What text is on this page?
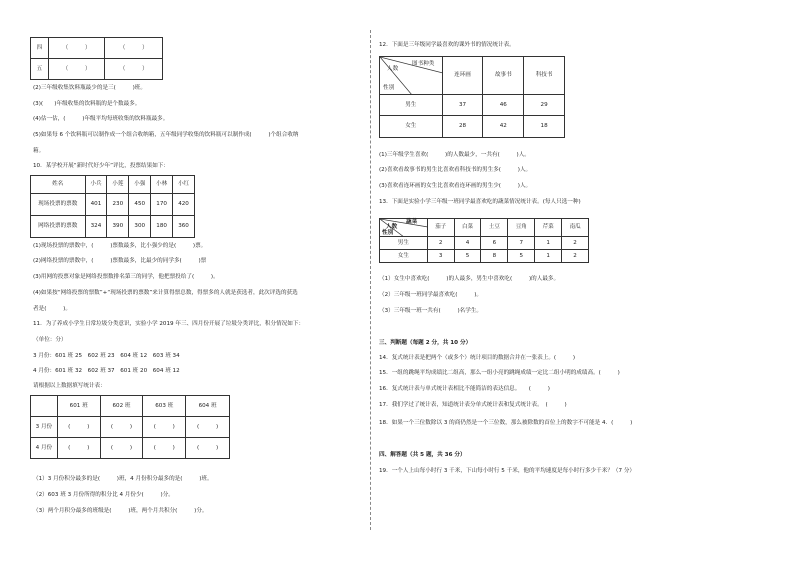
四	（　　　）	（　　　）
五	（　　　）	（　　　）
(2)三年级收集饮料瓶最少的是三(　　　)班。
(3)(　　)年级收集的饮料瓶的是个数最多。
(4)估一估，(　　　)年级平均每班收集的饮料瓶最多。
(5)如果每 6 个饮料瓶可以制作成一个组合收纳箱，五年级同学收集的饮料瓶可以制作成(　　　)个组合收纳
箱。
10．某学校开展“新时代好少年”评比，投票结果如下：
姓名	小兵	小莲	小强	小林	小红
现场投票的票数	401	230	450	170	420
网络投票的票数	324	390	300	180	360
(1)现场投票的票数中，(　　　)票数最多，比小强少的是(　　　)票。
(2)网络投票的票数中，(　　　)票数最多，比最少的同学多(　　　)票
(3)用网的投票对象是网络投票数排名第三的同学，他把票投给了(　　　)。
(4)如果按“网络投票的票数”+“现场投票的票数”来计算得票总数，得票多的人就是获选者，此次评选的获选
者是(　　　)。
11．为了养成小学生日常垃圾分类意识，实验小学 2019 年三、四月份开展了垃圾分类评比，积分情况如下：
（单位：分）
3 月份：601 班 25　602 班 23　604 班 12　603 班 34
4 月份：601 班 32　602 班 37　601 班 20　604 班 12
请根据以上数据填写统计表：
	601 班	602 班	603 班	604 班
3 月份	(　　　)	(　　　)	(　　　)	(　　　)
4 月份	(　　　)	(　　　)	(　　　)	(　　　)
（1）3 月份积分最多的是(　　　)班，4 月份积分最多的是(　　　)班。
（2）603 班 3 月份所得的积分比 4 月份少(　　　)分。
（3）两个月积分最多的班级是(　　　)班，两个月共积分(　　　)分。
12．下面是三年级同学最喜欢的课外书的情况统计表。
图书种类
人数
性别	连环画	故事书	科技书
男生	37	46	29
女生	28	42	18
(1)三年级学生喜欢(　　　)的人数最少，一共有(　　　)人。
(2)喜欢看故事书的男生比喜欢看科技书的男生多(　　　)人。
(3)喜欢看连环画的女生比喜欢看连环画的男生少(　　　)人。
13．下面是实验小学三年级一班同学最喜欢吃的蔬菜情况统计表。(每人只选一种)
蔬菜
人数
性别	茄子	白菜	土豆	豆角	芹菜	南瓜
男生	2	4	6	7	1	2
女生	3	5	8	5	1	2
（1）女生中喜欢吃(　　　)的人最多，男生中喜欢吃(　　　)的人最多。
（2）三年级一班同学最喜欢吃(　　　)。
（3）三年级一班一共有(　　　)名学生。
三、判断题（每题 2 分，共 10 分）
14．复式统计表是把两个（或多个）统计项目的数据合并在一张表上。(　　　)
15．一组的跳绳平均成绩比二组高，那么一组小亮的跳绳成绩一定比二组小明的成绩高。(　　　)
16．复式统计表与单式统计表相比不能简洁的表达信息。　　(　　　)
17．我们学过了统计表，知道统计表分单式统计表和复式统计表。　(　　　)
18．如果一个三位数除以 3 的商仍然是一个三位数，那么被除数的首位上的数字不可能是 4．(　　　)
四、解答题（共 5 题，共 36 分）
19．一个人上山每小时行 3 千米，下山每小时行 5 千米，他的平均速度是每小时行多少千米？（7 分）
